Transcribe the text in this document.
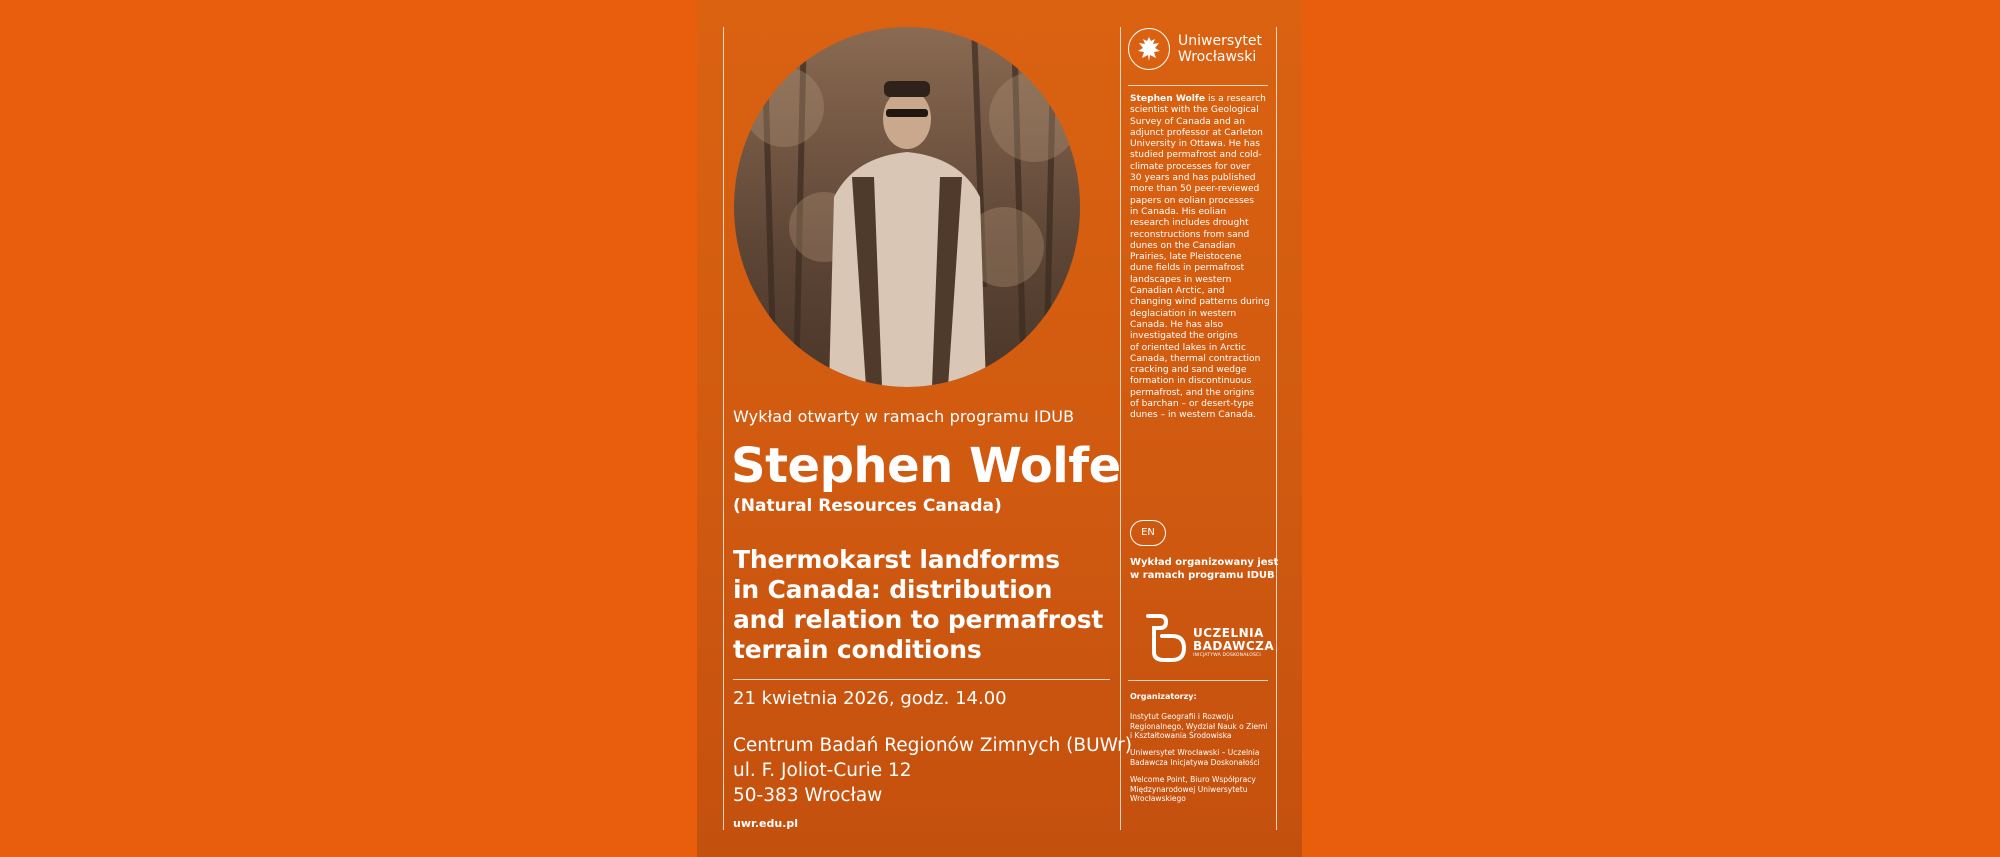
Wykład otwarty w ramach programu IDUB
Stephen Wolfe
(Natural Resources Canada)
Thermokarst landforms
in Canada: distribution
and relation to permafrost
terrain conditions
21 kwietnia 2026, godz. 14.00
Centrum Badań Regionów Zimnych (BUWr)
ul. F. Joliot-Curie 12
50-383 Wrocław
uwr.edu.pl
Uniwersytet
Wrocławski
Stephen Wolfe is a research
scientist with the Geological
Survey of Canada and an
adjunct professor at Carleton
University in Ottawa. He has
studied permafrost and cold-
climate processes for over
30 years and has published
more than 50 peer-reviewed
papers on eolian processes
in Canada. His eolian
research includes drought
reconstructions from sand
dunes on the Canadian
Prairies, late Pleistocene
dune fields in permafrost
landscapes in western
Canadian Arctic, and
changing wind patterns during
deglaciation in western
Canada. He has also
investigated the origins
of oriented lakes in Arctic
Canada, thermal contraction
cracking and sand wedge
formation in discontinuous
permafrost, and the origins
of barchan – or desert-type
dunes – in western Canada.
EN
Wykład organizowany jest
w ramach programu IDUB
UCZELNIA
BADAWCZA
INICJATYWA DOSKONAŁOŚCI
Organizatorzy:
Instytut Geografii i Rozwoju
Regionalnego, Wydział Nauk o Ziemi
i Kształtowania Środowiska
Uniwersytet Wrocławski – Uczelnia
Badawcza Inicjatywa Doskonałości
Welcome Point, Biuro Współpracy
Międzynarodowej Uniwersytetu
Wrocławskiego
